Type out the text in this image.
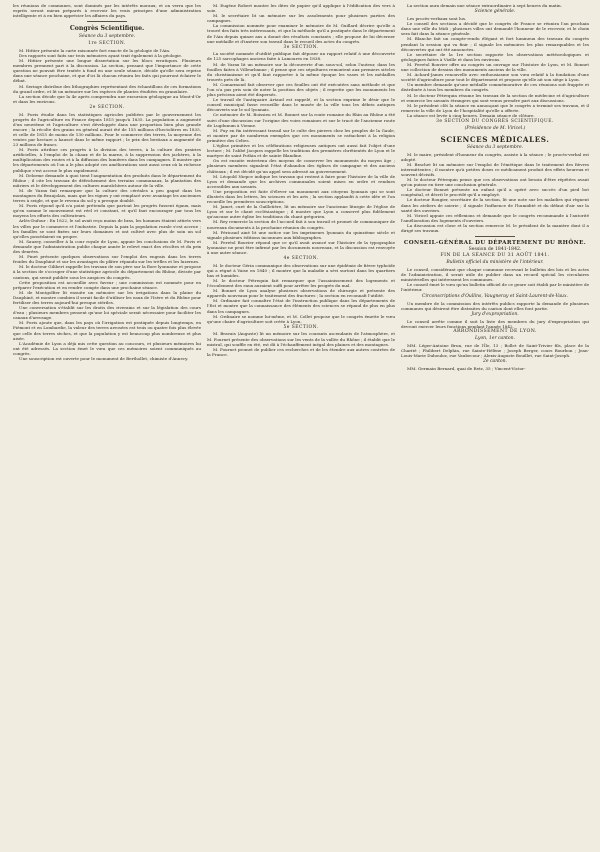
les réunions de communes, sont dominés par les intérêts moraux, et on verra que les esprits seront mieux préparés à recevoir les vrais principes d'une administration intelligente et à en bien apprécier les affaires du pays.

Congrès Scientifique.
Séance du 3 septembre.
1re SECTION.

M. Hittier présente la carte raisonnée fort exacte de la géologie de l'Ain.

Des rapports sont faits sur trois mémoires ayant trait également à la géologie.

M. Hittier présente une longue dissertation sur les blocs erratiques. Plusieurs membres prennent part à la discussion. La section, pensant que l'importance de cette question ne pouvait être traitée à fond en une seule séance, décide qu'elle sera reprise dans une séance prochaine, et que d'ici là chacun réunira les faits qui pourront éclairer le débat.

M. Seringe distribue des lithographies représentant des échantillons de ces formations du grand ordre, et lit un mémoire sur les espèces de plantes étudiées en granulaire.

La section décide que la 4e après comprendra une excursion géologique au Mont-d'Or et dans les environs.

2e SECTION.

M. Puvis étudie dans les statistiques agricoles publiées par le gouvernement les progrès de l'agriculture en France depuis 1815 jusqu'à 1835. La population a augmenté d'un neuvième et l'agriculture s'est développée dans une proportion bien plus grande encore ; la récolte des grains en général aurait été de 155 millions d'hectolitres en 1835, et celle de 1815 de moins de 130 millions. Pour le commerce des terres, la moyenne des ventes par hectare a haussé dans le même rapport ; le prix des bestiaux a augmenté de 23 millions de francs.

M. Puvis attribue ces progrès à la division des terres, à la culture des prairies artificielles, à l'emploi de la chaux et de la marne, à la suppression des jachères, à la multiplication des routes et à la diffusion des lumières dans les campagnes. Il montre que les départements où l'on a le plus adopté ces améliorations sont aussi ceux où la richesse publique s'est accrue le plus rapidement.

M. Delorme demande à quoi tient l'augmentation des produits dans le département du Rhône ; il cite les travaux de défrichement des terrains communaux, la plantation des mûriers et le développement des cultures maraîchères autour de la ville.

M. de Varax fait remarquer que la culture des céréales a peu gagné dans les montagnes du Beaujolais, mais que les vignes y ont remplacé avec avantage les anciennes terres à seigle, et que le revenu du sol y a presque doublé.

M. Puvis répond qu'il n'a point prétendu que partout les progrès fussent égaux, mais qu'en somme le mouvement est réel et constant, et qu'il faut encourager par tous les moyens les efforts des cultivateurs.

Arlès-Dufour : En 1822, le sol avait reçu moins de bras, les hommes étaient attirés vers les villes par le commerce et l'industrie. Depuis la paix la population rurale s'est accrue ; les familles se sont fixées sur leurs domaines et ont cultivé avec plus de soin un sol qu'elles possédaient en propre.

M. Sauzey, conseiller à la cour royale de Lyon, appuie les conclusions de M. Puvis et demande que l'administration publie chaque année le relevé exact des récoltes et du prix des denrées.

M. Pinet présente quelques observations sur l'emploi des engrais dans les terres froides du Dauphiné et sur les avantages du plâtre répandu sur les trèfles et les luzernes.

M. le docteur Gilibert rappelle les travaux de son père sur la flore lyonnaise et propose à la section de s'occuper d'une statistique agricole du département du Rhône, divisée par cantons, qui serait publiée sous les auspices du congrès.

Cette proposition est accueillie avec faveur ; une commission est nommée pour en préparer l'exécution et en rendre compte dans une prochaine séance.

M. de Montgolfier lit ensuite un mémoire sur les irrigations dans la plaine du Dauphiné, et montre combien il serait facile d'utiliser les eaux de l'Isère et du Rhône pour fertiliser des terres aujourd'hui presque stériles.

Une conversation s'établit sur les droits des riverains et sur la législation des cours d'eau ; plusieurs membres pensent qu'une loi spéciale serait nécessaire pour faciliter les canaux d'arrosage.

M. Puvis ajoute que, dans les pays où l'irrigation est pratiquée depuis longtemps, en Piémont et en Lombardie, la valeur des terres arrosées est trois ou quatre fois plus élevée que celle des terres sèches, et que la population y est beaucoup plus nombreuse et plus aisée.

L'Académie de Lyon a déjà mis cette question au concours, et plusieurs mémoires lui ont été adressés. La section émet le vœu que ces mémoires soient communiqués au congrès.

Une souscription est ouverte pour le monument de Berthollet, chimiste d'Annecy.

M. Eugène Robert montre les dites de papier qu'il applique à l'édification des vers à soie.

M. le secrétaire lit un mémoire sur les assolements pour plusieurs parties des campagnes.

La commission nommée pour examiner le mémoire de M. Guillard décrire qu'elle a trouvé des faits très intéressants, et que la méthode qu'il a pratiquée dans le département de l'Ain depuis quinze ans a donné des résultats constants ; elle propose de lui décerner une médaille et d'insérer son travail dans le recueil des actes du congrès.

3e SECTION.

La société nommée d'utilité publique fait déposer un rapport relatif à une découverte de 125 sarcophages anciens faite à Lamoures en 1838.

M. de Varax lit un mémoire sur la découverte d'un sous-sol, selon l'auteur, dans les fouilles faites à Villeurbanne ; il pense que ces sépultures remontent aux premiers siècles du christianisme et qu'il faut rapporter à la même époque les vases et les médailles trouvés près de là.

M. Comarmond fait observer que ces fouilles ont été exécutées sans méthode et que l'on n'a pas pris soin de noter la position des objets ; il regrette que les monuments les plus précieux aient été dispersés.

Le travail de l'antiquaire Artaud est rappelé, et la section exprime le désir que le conseil municipal fasse recueillir dans le musée de la ville tous les débris antiques découverts sur le sol lyonnais.

Ce mémoire de M. Boissieu et M. Bonnet sur la route romaine du Rhin au Rhône a été suivi d'une discussion sur l'origine des voies romaines et sur le tracé de l'ancienne route de Lugdunum à Vienne.

M. Fuy en fin intéressant travail sur le culte des pierres chez les peuples de la Gaule, et montre par de nombreux exemples que ces monuments se rattachent à la religion primitive des Celtes.

L'église primitive et les célébrations religieuses antiques ont aussi fait l'objet d'une lecture ; M. l'abbé Jacques rappelle les traditions des premières chrétientés de Lyon et le martyre de saint Pothin et de sainte Blandine.

On est ensuite entretenu des moyens de conserver les monuments du moyen âge ; plusieurs membres signalent l'état d'abandon des églises de campagne et des anciens châteaux ; il est décidé qu'un appel sera adressé au gouvernement.

M. Léopold Niepce indique les travaux qui restent à faire pour l'histoire de la ville de Lyon et demande que les archives communales soient mises en ordre et rendues accessibles aux savants.

Une proposition est faite d'élever un monument aux citoyens lyonnais qui se sont illustrés dans les lettres, les sciences et les arts ; la section applaudit à cette idée et l'on recueille les premières souscriptions.

M. Jamet, curé de la Guillotière, lit un mémoire sur l'ancienne liturgie de l'église de Lyon et sur le chant ecclésiastique ; il montre que Lyon a conservé plus fidèlement qu'aucune autre église les traditions du chant grégorien.

M. Rey remercie la section de l'accueil fait à son travail et promet de communiquer de nouveaux documents à la prochaine réunion du congrès.

M. Péricaud ainé lit une notice sur les imprimeurs lyonnais du quinzième siècle et signale plusieurs éditions inconnues aux bibliographes.

M. Ferréol Bouvier répond que ce qu'il avait avancé sur l'histoire de la typographie lyonnaise ne peut être infirmé par les documents nouveaux, et la discussion est renvoyée à une autre séance.

4e SECTION.

M. le docteur Gérin communique des observations sur une épidémie de fièvre typhoïde qui a régné à Vaise en 1840 ; il montre que la maladie a sévi surtout dans les quartiers bas et humides.

M. le docteur Pétrequin fait remarquer que l'assainissement des logements et l'écoulement des eaux auraient suffi pour arrêter les progrès du mal.

M. Bonnet de Lyon analyse plusieurs observations de chirurgie et présente des appareils nouveaux pour le traitement des fractures ; la section en reconnaît l'utilité.

M. Ordinaire fait connaître l'état de l'instruction publique dans les départements de l'Est et montre que la connaissance des éléments des sciences se répand de plus en plus dans les campagnes.

M. Ordinaire se nomme lui-même, et M. Collet propose que le congrès émette le vœu qu'une chaire d'agriculture soit créée à Lyon.

5e SECTION.

M. Bravais (Auguste) lit un mémoire sur les courants ascendants de l'atmosphère, et M. Fournet présente des observations sur les vents de la vallée du Rhône ; il établit que le mistral, qui souffle en été, est dû à l'échauffement inégal des plaines et des montagnes.

M. Fournet promet de publier ces recherches et de les étendre aux autres contrées de la France.

La section aura demain une séance extraordinaire à sept heures du matin.

Science générale.

Les procès-verbaux sont lus.

Le conseil des sections a décidé que le congrès de France se réunira l'an prochain dans une ville du Midi ; plusieurs villes ont demandé l'honneur de le recevoir, et le choix sera fait dans la séance générale.

M. Blanche fait un compte-rendu élégant et fort lumineux des travaux du congrès pendant la session qui va finir ; il signale les mémoires les plus remarquables et les découvertes qui ont été annoncées.

Le secrétaire de la 1re section rapporte les observations météorologiques et géologiques faites à Vizille et dans les environs.

M. Ferréol Bouvier offre au congrès un ouvrage sur l'histoire de Lyon, et M. Bonnet une collection de dessins des monuments anciens de la ville.

M. Achard-James renouvelle avec enthousiasme son vœu relatif à la fondation d'une société d'agriculture pour tout le département et propose qu'elle ait son siège à Lyon.

Un membre demande qu'une médaille commémorative de ces réunions soit frappée et distribuée à tous les membres du congrès.

M. le docteur Pétrequin résume les travaux de la section de médecine et d'agriculture et remercie les savants étrangers qui sont venus prendre part aux discussions.

M. le président clôt la séance en annonçant que le congrès a terminé ses travaux, et il remercie la ville de Lyon de l'hospitalité qu'elle a offerte.

La séance est levée à cinq heures. Demain séance de clôture.

3e SECTION DU CONGRÈS SCIENTIFIQUE.
(Présidence de M. Viricel.)
SCIENCES MÉDICALES.
Séance du 3 septembre.

M. le maire, président d'honneur du congrès, assiste à la séance ; le procès-verbal est adopté.

M. Brachet lit un mémoire sur l'emploi de l'émétique dans le traitement des fièvres intermittentes ; il montre qu'à petites doses ce médicament produit des effets heureux et souvent décisifs.

M. le docteur Pétrequin pense que ces observations ont besoin d'être répétées avant qu'on puisse en tirer une conclusion générale.

Le docteur Bonnet présente un enfant qu'il a opéré avec succès d'un pied bot congénital, et décrit le procédé qu'il a employé.

Le docteur Rougier, secrétaire de la section, lit une note sur les maladies qui règnent dans les ateliers de soierie ; il signale l'influence de l'humidité et du défaut d'air sur la santé des ouvriers.

M. Viricel appuie ces réflexions et demande que le congrès recommande à l'autorité l'amélioration des logements d'ouvriers.

La discussion est close et la section remercie M. le président de la manière dont il a dirigé ses travaux.

CONSEIL-GÉNÉRAL DU DÉPARTEMENT DU RHÔNE.
Session de 1841-1842.
FIN DE LA SÉANCE DU 31 AOÛT 1841.
Bulletin officiel du ministère de l'intérieur.

Le conseil, considérant que chaque commune recevant le bulletin des lois et les actes de l'administration, il serait utile de publier dans un recueil spécial les circulaires ministérielles qui intéressent les communes.

Le conseil émet le vœu qu'un bulletin officiel de ce genre soit établi par le ministère de l'intérieur.

Circonscriptions d'Oullins, Vaugneray et Saint-Laurent-de-Vaux.

Un membre de la commission des intérêts publics rapporte la demande de plusieurs communes qui désirent être distraites du canton dont elles font partie.

Jury d'expropriation.

Le conseil arrête comme il suit la liste des membres du jury d'expropriation qui devront exercer leurs fonctions pendant l'année 1842.

ARRONDISSEMENT DE LYON.
Lyon, 1er canton.

MM. Léger-Antoine Brun, rue de l'Île, 13 ; Bollet de Saint-Trivier fils, place de la Charité ; Philibert Delphin, rue Sainte-Hélène ; Joseph Berger, cours Bourbon ; Jean-Louis-Marie Dubouloz, rue Vaubecour ; Alexis-Auguste Bouillet, rue Saint-Joseph.

2e canton.

MM. Germain Bernard, quai de Retz, 35 ; Vincent-Victor-
